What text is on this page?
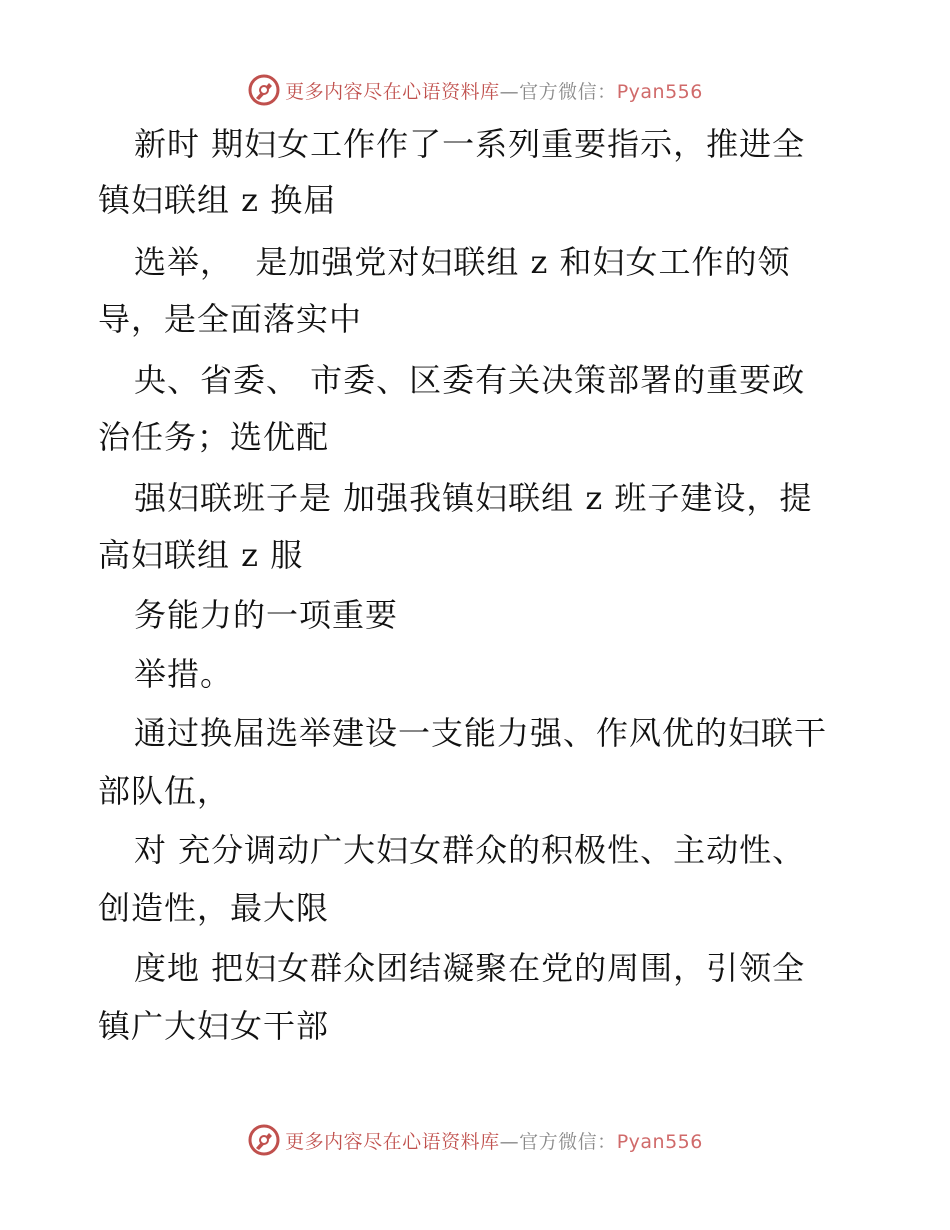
更多内容尽在心语资料库—官方微信：Pyan556
新时 期妇女工作作了一系列重要指示，推进全
镇妇联组 z 换届
选举，  是加强党对妇联组 z 和妇女工作的领
导，是全面落实中
央、省委、 市委、区委有关决策部署的重要政
治任务；选优配
强妇联班子是 加强我镇妇联组 z 班子建设，提
高妇联组 z 服
务能力的一项重要
举措。
通过换届选举建设一支能力强、作风优的妇联干
部队伍，
对 充分调动广大妇女群众的积极性、主动性、
创造性，最大限
度地 把妇女群众团结凝聚在党的周围，引领全
镇广大妇女干部
更多内容尽在心语资料库—官方微信：Pyan556
